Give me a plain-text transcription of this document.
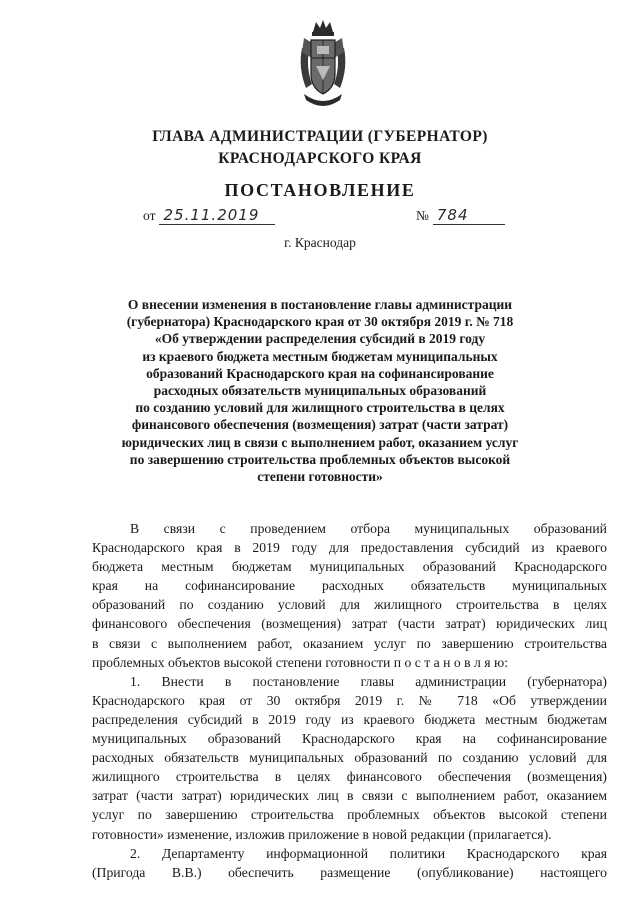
ГЛАВА АДМИНИСТРАЦИИ (ГУБЕРНАТОР)
КРАСНОДАРСКОГО КРАЯ
ПОСТАНОВЛЕНИЕ
от 25.11.2019	№ 784
г. Краснодар
О внесении изменения в постановление главы администрации
(губернатора) Краснодарского края от 30 октября 2019 г. № 718
«Об утверждении распределения субсидий в 2019 году
из краевого бюджета местным бюджетам муниципальных
образований Краснодарского края на софинансирование
расходных обязательств муниципальных образований
по созданию условий для жилищного строительства в целях
финансового обеспечения (возмещения) затрат (части затрат)
юридических лиц в связи с выполнением работ, оказанием услуг
по завершению строительства проблемных объектов высокой
степени готовности»
В связи с проведением отбора муниципальных образований
Краснодарского края в 2019 году для предоставления субсидий из краевого
бюджета местным бюджетам муниципальных образований Краснодарского
края на софинансирование расходных обязательств муниципальных
образований по созданию условий для жилищного строительства в целях
финансового обеспечения (возмещения) затрат (части затрат) юридических лиц
в связи с выполнением работ, оказанием услуг по завершению строительства
проблемных объектов высокой степени готовности п о с т а н о в л я ю:
1. Внести в постановление главы администрации (губернатора)
Краснодарского края от 30 октября 2019 г. № 718 «Об утверждении
распределения субсидий в 2019 году из краевого бюджета местным бюджетам
муниципальных образований Краснодарского края на софинансирование
расходных обязательств муниципальных образований по созданию условий для
жилищного строительства в целях финансового обеспечения (возмещения)
затрат (части затрат) юридических лиц в связи с выполнением работ, оказанием
услуг по завершению строительства проблемных объектов высокой степени
готовности» изменение, изложив приложение в новой редакции (прилагается).
2. Департаменту информационной политики Краснодарского края
(Пригода В.В.) обеспечить размещение (опубликование) настоящего
